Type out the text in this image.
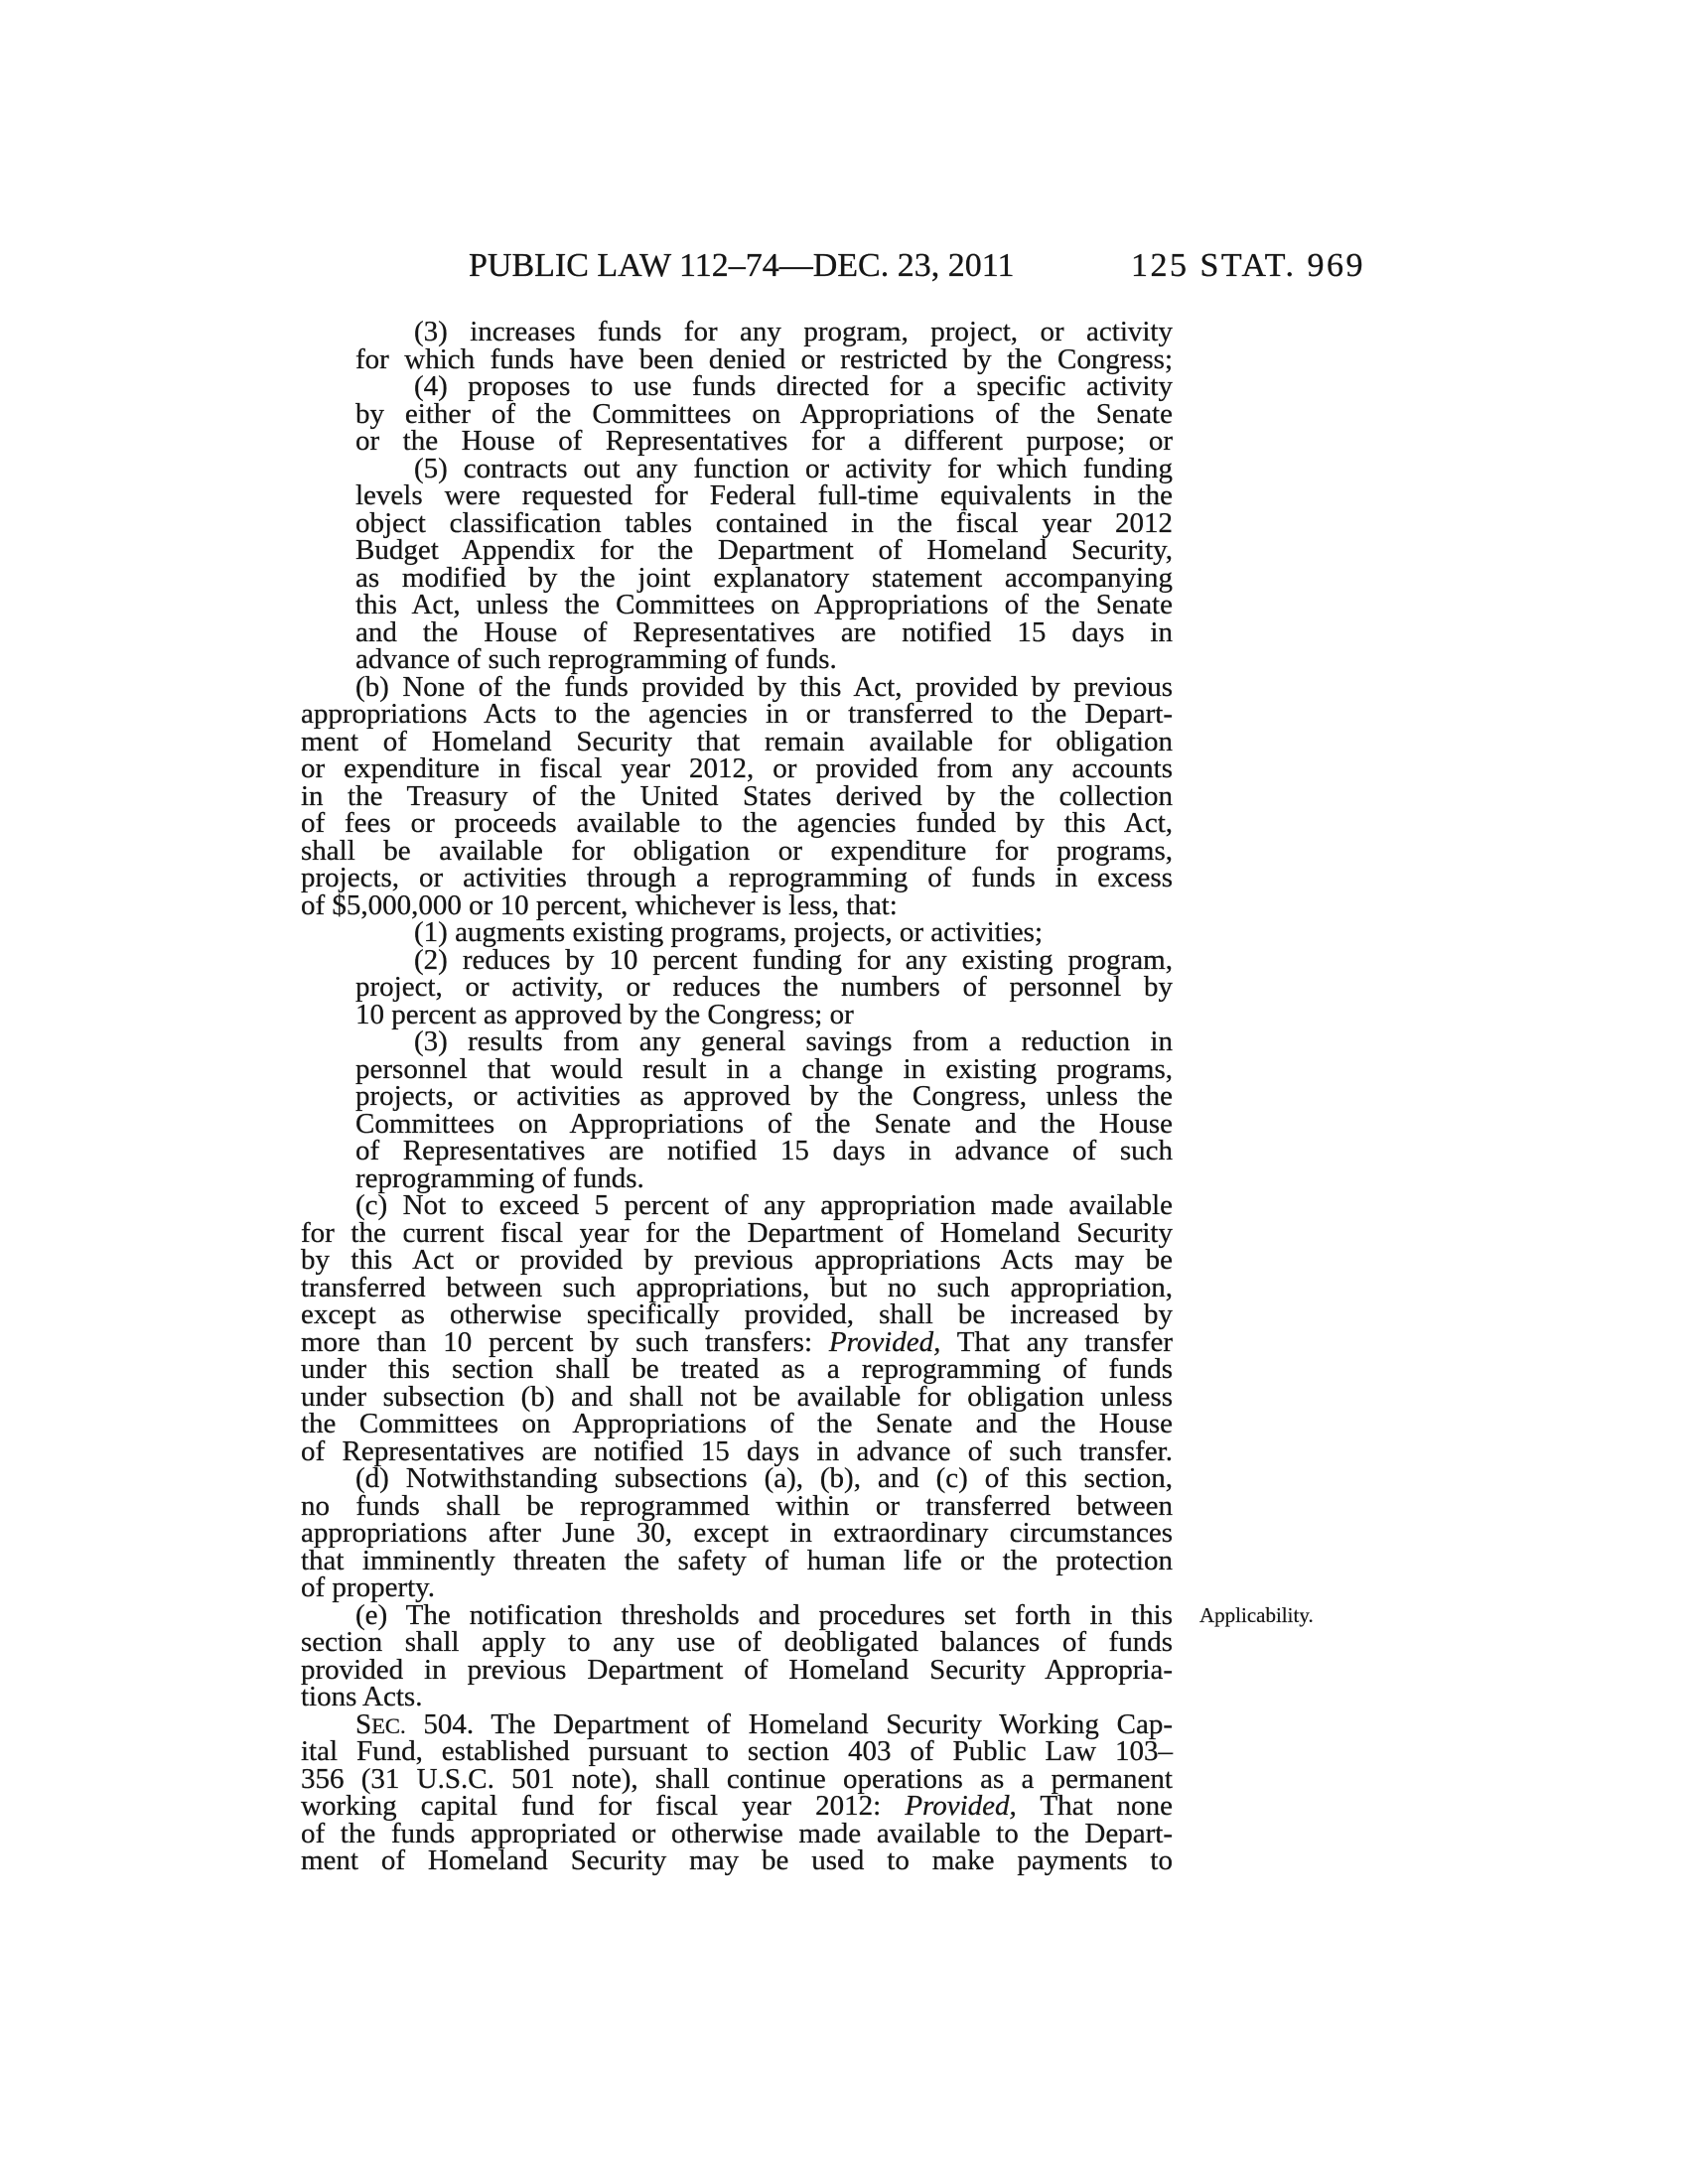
PUBLIC LAW 112–74—DEC. 23, 2011	125 STAT. 969
Applicability.
(3) increases funds for any program, project, or activity
for which funds have been denied or restricted by the Congress;
(4) proposes to use funds directed for a specific activity
by either of the Committees on Appropriations of the Senate
or the House of Representatives for a different purpose; or
(5) contracts out any function or activity for which funding
levels were requested for Federal full-time equivalents in the
object classification tables contained in the fiscal year 2012
Budget Appendix for the Department of Homeland Security,
as modified by the joint explanatory statement accompanying
this Act, unless the Committees on Appropriations of the Senate
and the House of Representatives are notified 15 days in
advance of such reprogramming of funds.
(b) None of the funds provided by this Act, provided by previous
appropriations Acts to the agencies in or transferred to the Depart-
ment of Homeland Security that remain available for obligation
or expenditure in fiscal year 2012, or provided from any accounts
in the Treasury of the United States derived by the collection
of fees or proceeds available to the agencies funded by this Act,
shall be available for obligation or expenditure for programs,
projects, or activities through a reprogramming of funds in excess
of $5,000,000 or 10 percent, whichever is less, that:
(1) augments existing programs, projects, or activities;
(2) reduces by 10 percent funding for any existing program,
project, or activity, or reduces the numbers of personnel by
10 percent as approved by the Congress; or
(3) results from any general savings from a reduction in
personnel that would result in a change in existing programs,
projects, or activities as approved by the Congress, unless the
Committees on Appropriations of the Senate and the House
of Representatives are notified 15 days in advance of such
reprogramming of funds.
(c) Not to exceed 5 percent of any appropriation made available
for the current fiscal year for the Department of Homeland Security
by this Act or provided by previous appropriations Acts may be
transferred between such appropriations, but no such appropriation,
except as otherwise specifically provided, shall be increased by
more than 10 percent by such transfers: Provided, That any transfer
under this section shall be treated as a reprogramming of funds
under subsection (b) and shall not be available for obligation unless
the Committees on Appropriations of the Senate and the House
of Representatives are notified 15 days in advance of such transfer.
(d) Notwithstanding subsections (a), (b), and (c) of this section,
no funds shall be reprogrammed within or transferred between
appropriations after June 30, except in extraordinary circumstances
that imminently threaten the safety of human life or the protection
of property.
(e) The notification thresholds and procedures set forth in this
section shall apply to any use of deobligated balances of funds
provided in previous Department of Homeland Security Appropria-
tions Acts.
SEC. 504. The Department of Homeland Security Working Cap-
ital Fund, established pursuant to section 403 of Public Law 103–
356 (31 U.S.C. 501 note), shall continue operations as a permanent
working capital fund for fiscal year 2012: Provided, That none
of the funds appropriated or otherwise made available to the Depart-
ment of Homeland Security may be used to make payments to
